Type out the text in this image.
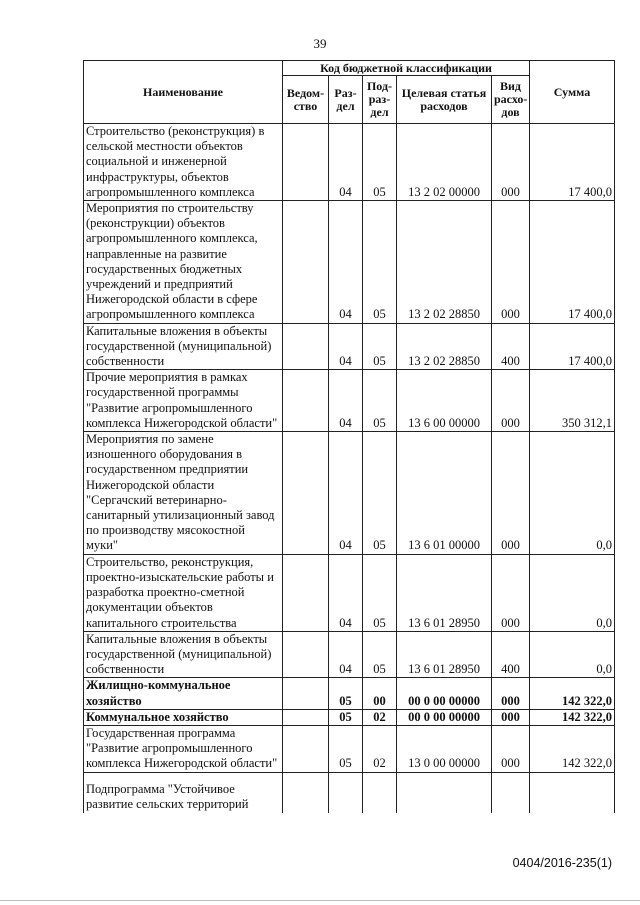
39
Наименование	Код бюджетной классификации					Сумма
	Ведом-ство	Раз-дел	Под-раз-дел	Целевая статья расходов	Вид расхо-дов	
Строительство (реконструкция) в сельской местности объектов социальной и инженерной инфраструктуры, объектов агропромышленного комплекса		04	05	13 2 02 00000	000	17 400,0
Мероприятия по строительству (реконструкции) объектов агропромышленного комплекса, направленные на развитие государственных бюджетных учреждений и предприятий Нижегородской области в сфере агропромышленного комплекса		04	05	13 2 02 28850	000	17 400,0
Капитальные вложения в объекты государственной (муниципальной) собственности		04	05	13 2 02 28850	400	17 400,0
Прочие мероприятия в рамках государственной программы "Развитие агропромышленного комплекса Нижегородской области"		04	05	13 6 00 00000	000	350 312,1
Мероприятия по замене изношенного оборудования в государственном предприятии Нижегородской области "Сергачский ветеринарно-санитарный утилизационный завод по производству мясокостной муки"		04	05	13 6 01 00000	000	0,0
Строительство, реконструкция, проектно-изыскательские работы и разработка проектно-сметной документации объектов капитального строительства		04	05	13 6 01 28950	000	0,0
Капитальные вложения в объекты государственной (муниципальной) собственности		04	05	13 6 01 28950	400	0,0
Жилищно-коммунальное хозяйство		05	00	00 0 00 00000	000	142 322,0
Коммунальное хозяйство		05	02	00 0 00 00000	000	142 322,0
Государственная программа "Развитие агропромышленного комплекса Нижегородской области"		05	02	13 0 00 00000	000	142 322,0
Подпрограмма "Устойчивое развитие сельских территорий						
0404/2016-235(1)
